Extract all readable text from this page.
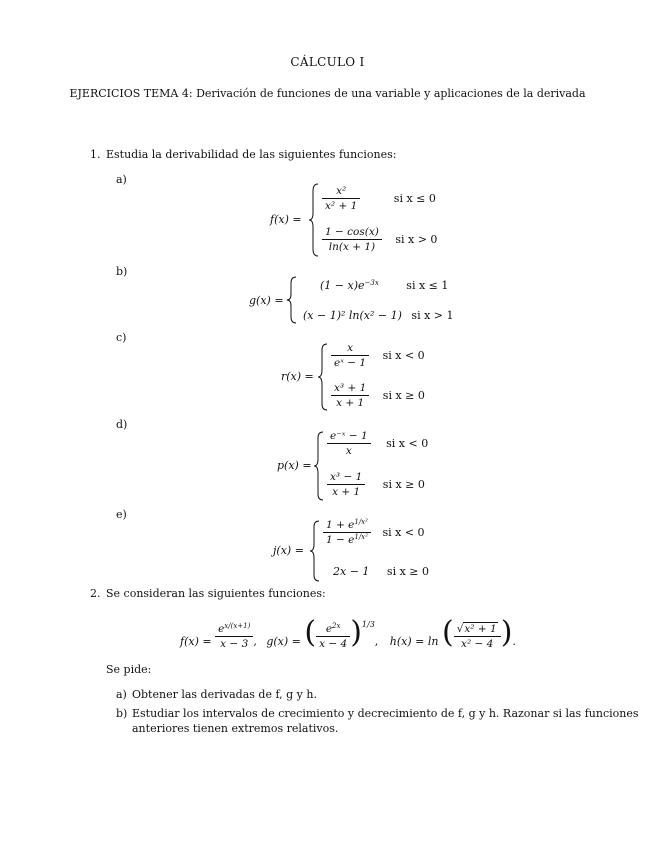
CÁLCULO I
EJERCICIOS TEMA 4: Derivación de funciones de una variable y aplicaciones de la derivada
1. Estudia la derivabilidad de las siguientes funciones:
a)
b)
c)
d)
e)
f(x) =
$\frac{\text{x²}}{\text{x² + 1}}$	si x ≤ 0
$\frac{1 - \cos(x)}{\ln(x + 1)}$ si x > 0
g(x) =
$(1 - x)e^{-3x}$	si x ≤ 1
(x − 1)² ln(x² − 1) si x > 1
r(x) =
$\frac{x}{\text{eˣ − 1}}$ si x < 0
$\frac{\text{x³ + 1}}{x + 1}$ si x ≥ 0
p(x) =
$\frac{\text{e⁻ˣ − 1}}{x}$ si x < 0
$\frac{\text{x³ − 1}}{x + 1}$ si x ≥ 0
j(x) =
$\frac{1 + e^{1/x^2}}{1 - e^{1/x^2}}$ si x < 0
2x − 1 si x ≥ 0
2. Se consideran las siguientes funciones:
$f(x) = \frac{e^{x/(x+1)}}{x - 3}$ , g(x) = ( $\frac{e^{2x}}{x - 4} )^{1/3}$, h(x) = ln ( $\frac{\text{√x² + 1}}{\text{x² − 4}}$ ).
Se pide:
a) Obtener las derivadas de f, g y h.
b) Estudiar los intervalos de crecimiento y decrecimiento de f, g y h. Razonar si las funciones
anteriores tienen extremos relativos.
